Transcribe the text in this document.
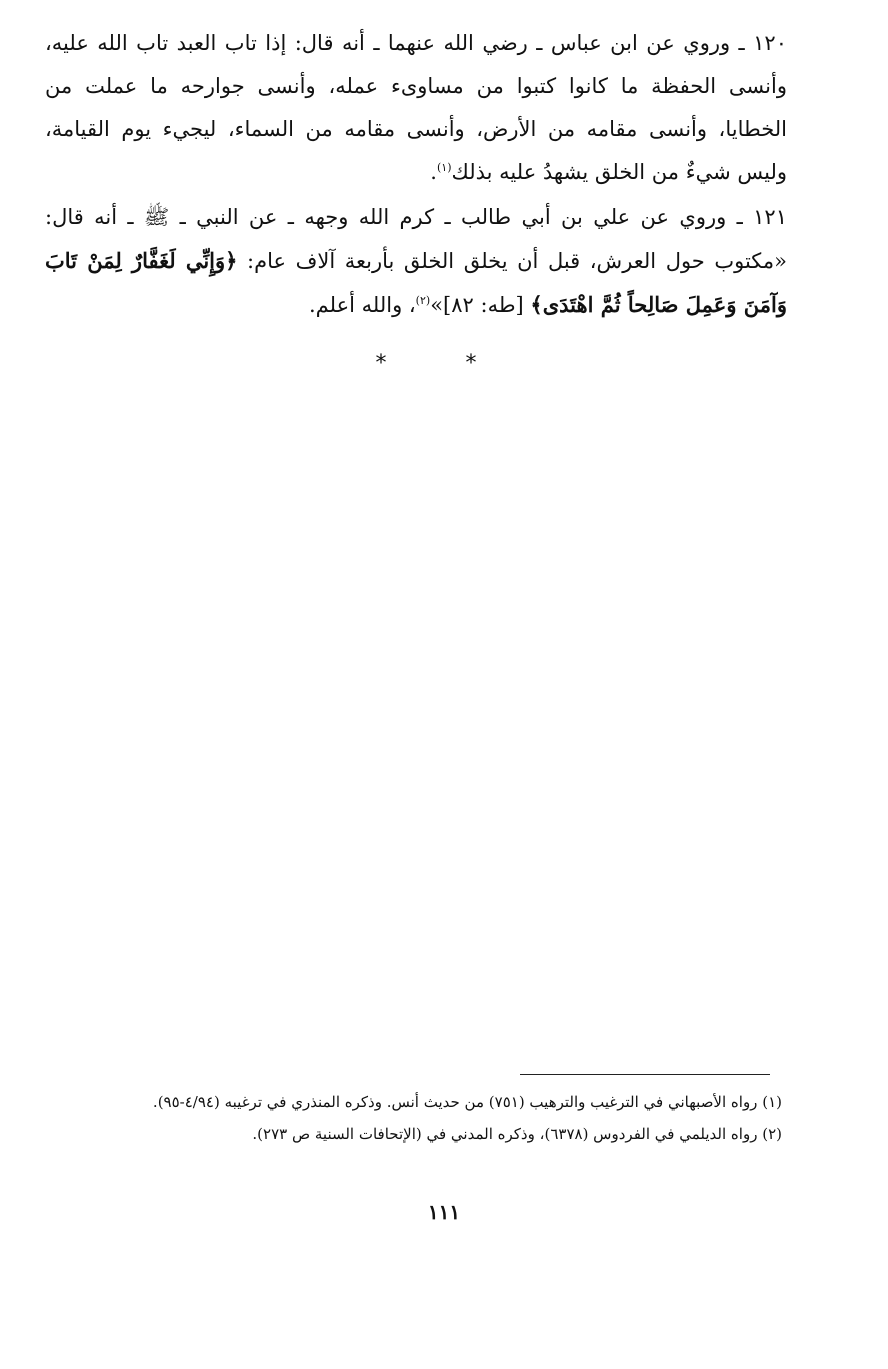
١٢٠ ـ وروي عن ابن عباس ـ رضي الله عنهما ـ أنه قال: إذا تاب العبد تاب الله عليه، وأنسى الحفظة ما كانوا كتبوا من مساوىء عمله، وأنسى جوارحه ما عملت من الخطايا، وأنسى مقامه من الأرض، وأنسى مقامه من السماء، ليجيء يوم القيامة، وليس شيءٌ من الخلق يشهدُ عليه بذلك$^{(١)}$.

١٢١ ـ وروي عن علي بن أبي طالب ـ كرم الله وجهه ـ عن النبي ـ ﷺ ـ أنه قال: «مكتوب حول العرش، قبل أن يخلق الخلق بأربعة آلاف عام: ﴿وَإِنِّي لَغَفَّارٌ لِمَنْ تَابَ وَآمَنَ وَعَمِلَ صَالِحاً ثُمَّ اهْتَدَى﴾ [طه: ٨٢]»$^{(٢)}$، والله أعلم.

* *

(١) رواه الأصبهاني في الترغيب والترهيب (٧٥١) من حديث أنس. وذكره المنذري في ترغيبه (٤/٩٤-٩٥).

(٢) رواه الديلمي في الفردوس (٦٣٧٨)، وذكره المدني في (الإتحافات السنية ص ٢٧٣).

١١١
